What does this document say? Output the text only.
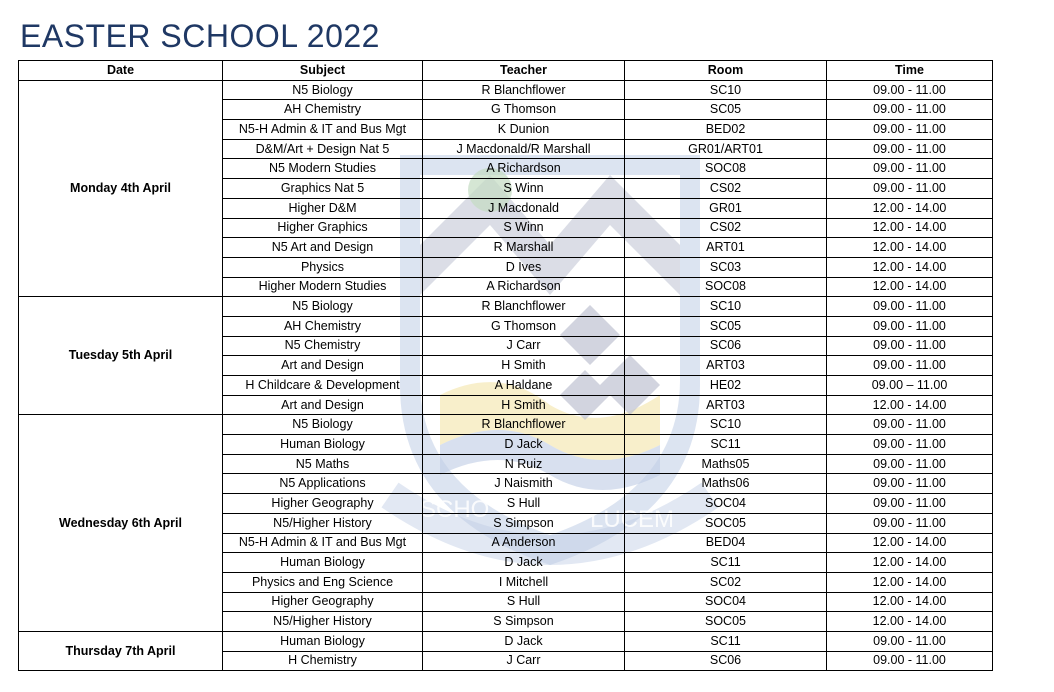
EASTER SCHOOL 2022
SCHO	LUCEM
Date	Subject	Teacher	Room	Time
Monday 4th April	N5 Biology	R Blanchflower	SC10	09.00 - 11.00
	AH Chemistry	G Thomson	SC05	09.00 - 11.00
	N5-H Admin & IT and Bus Mgt	K Dunion	BED02	09.00 - 11.00
	D&M/Art + Design Nat 5	J Macdonald/R Marshall	GR01/ART01	09.00 - 11.00
	N5 Modern Studies	A Richardson	SOC08	09.00 - 11.00
	Graphics Nat 5	S Winn	CS02	09.00 - 11.00
	Higher D&M	J Macdonald	GR01	12.00 - 14.00
	Higher Graphics	S Winn	CS02	12.00 - 14.00
	N5 Art and Design	R Marshall	ART01	12.00 - 14.00
	Physics	D Ives	SC03	12.00 - 14.00
	Higher Modern Studies	A Richardson	SOC08	12.00 - 14.00
Tuesday 5th April	N5 Biology	R Blanchflower	SC10	09.00 - 11.00
	AH Chemistry	G Thomson	SC05	09.00 - 11.00
	N5 Chemistry	J Carr	SC06	09.00 - 11.00
	Art and Design	H Smith	ART03	09.00 - 11.00
	H Childcare & Development	A Haldane	HE02	09.00 – 11.00
	Art and Design	H Smith	ART03	12.00 - 14.00
Wednesday 6th April	N5 Biology	R Blanchflower	SC10	09.00 - 11.00
	Human Biology	D Jack	SC11	09.00 - 11.00
	N5 Maths	N Ruiz	Maths05	09.00 - 11.00
	N5 Applications	J Naismith	Maths06	09.00 - 11.00
	Higher Geography	S Hull	SOC04	09.00 - 11.00
	N5/Higher History	S Simpson	SOC05	09.00 - 11.00
	N5-H Admin & IT and Bus Mgt	A Anderson	BED04	12.00 - 14.00
	Human Biology	D Jack	SC11	12.00 - 14.00
	Physics and Eng Science	I Mitchell	SC02	12.00 - 14.00
	Higher Geography	S Hull	SOC04	12.00 - 14.00
	N5/Higher History	S Simpson	SOC05	12.00 - 14.00
Thursday 7th April	Human Biology	D Jack	SC11	09.00 - 11.00
	H Chemistry	J Carr	SC06	09.00 - 11.00
